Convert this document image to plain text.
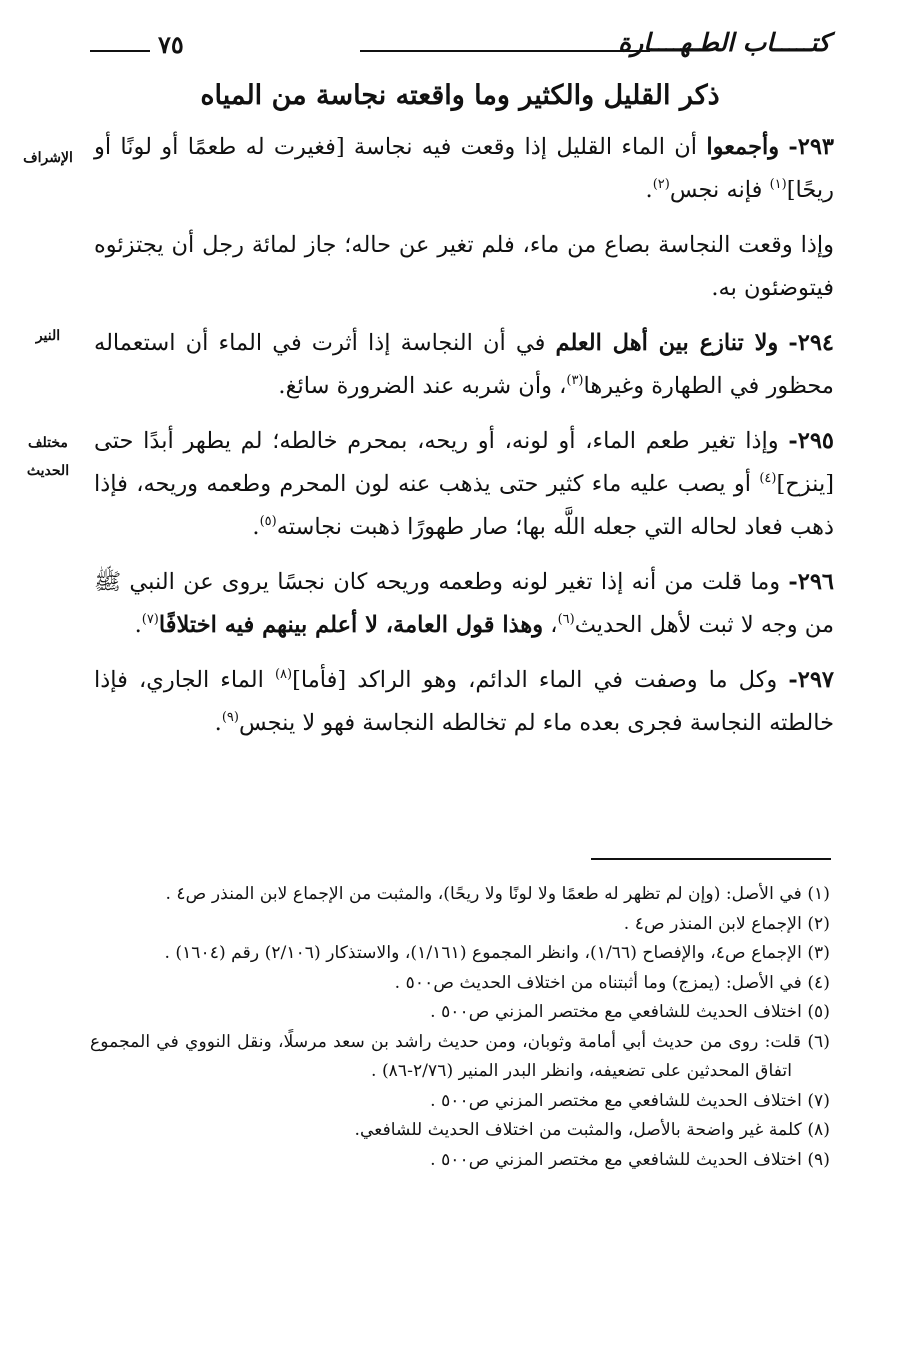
كتـــــاب الطـهــــارة
٧٥
ذكر القليل والكثير وما واقعته نجاسة من المياه
الإشراف
النير
مختلف
الحديث

٢٩٣- وأجمعوا أن الماء القليل إذا وقعت فيه نجاسة [فغيرت له طعمًا أو لونًا أو ريحًا]$^{(١)}$ فإنه نجس$^{(٢)}$.

وإذا وقعت النجاسة بصاع من ماء، فلم تغير عن حاله؛ جاز لمائة رجل أن يجتزئوه فيتوضئون به.

٢٩٤- ولا تنازع بين أهل العلم في أن النجاسة إذا أثرت في الماء أن استعماله محظور في الطهارة وغيرها$^{(٣)}$، وأن شربه عند الضرورة سائغ.

٢٩٥- وإذا تغير طعم الماء، أو لونه، أو ريحه، بمحرم خالطه؛ لم يطهر أبدًا حتى [ينزح]$^{(٤)}$ أو يصب عليه ماء كثير حتى يذهب عنه لون المحرم وطعمه وريحه، فإذا ذهب فعاد لحاله التي جعله اللَّه بها؛ صار طهورًا ذهبت نجاسته$^{(٥)}$.

٢٩٦- وما قلت من أنه إذا تغير لونه وطعمه وريحه كان نجسًا يروى عن النبي ﷺ من وجه لا ثبت لأهل الحديث$^{(٦)}$، وهذا قول العامة، لا أعلم بينهم فيه اختلافًا$^{(٧)}$.

٢٩٧- وكل ما وصفت في الماء الدائم، وهو الراكد [فأما]$^{(٨)}$ الماء الجاري، فإذا خالطته النجاسة فجرى بعده ماء لم تخالطه النجاسة فهو لا ينجس$^{(٩)}$.

(١) في الأصل: (وإن لم تظهر له طعمًا ولا لونًا ولا ريحًا)، والمثبت من الإجماع لابن المنذر ص٤ .

(٢) الإجماع لابن المنذر ص٤ .

(٣) الإجماع ص٤، والإفصاح (١/٦٦)، وانظر المجموع (١/١٦١)، والاستذكار (٢/١٠٦) رقم (١٦٠٤) .

(٤) في الأصل: (يمزج) وما أثبتناه من اختلاف الحديث ص٥٠٠ .

(٥) اختلاف الحديث للشافعي مع مختصر المزني ص٥٠٠ .

(٦) قلت: روى من حديث أبي أمامة وثوبان، ومن حديث راشد بن سعد مرسلًا، ونقل النووي في المجموع اتفاق المحدثين على تضعيفه، وانظر البدر المنير (٢/٧٦-٨٦) .

(٧) اختلاف الحديث للشافعي مع مختصر المزني ص٥٠٠ .

(٨) كلمة غير واضحة بالأصل، والمثبت من اختلاف الحديث للشافعي.

(٩) اختلاف الحديث للشافعي مع مختصر المزني ص٥٠٠ .
